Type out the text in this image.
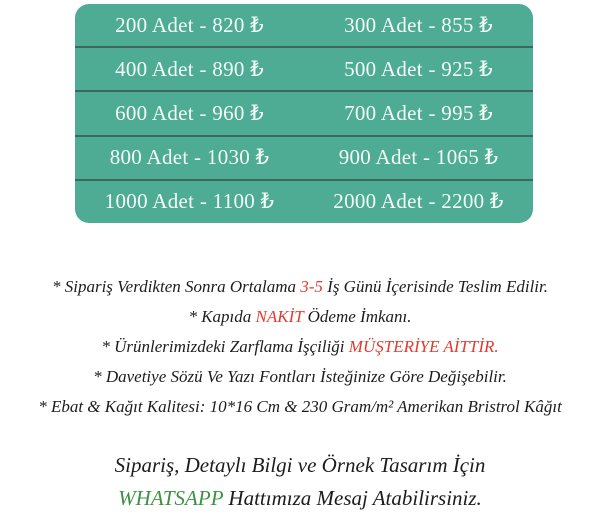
200 Adet - 820 ₺	300 Adet - 855 ₺
400 Adet - 890 ₺	500 Adet - 925 ₺
600 Adet - 960 ₺	700 Adet - 995 ₺
800 Adet - 1030 ₺	900 Adet - 1065 ₺
1000 Adet - 1100 ₺	2000 Adet - 2200 ₺

* Sipariş Verdikten Sonra Ortalama 3-5 İş Günü İçerisinde Teslim Edilir.

* Kapıda NAKİT Ödeme İmkanı.

* Ürünlerimizdeki Zarflama İşçiliği MÜŞTERİYE AİTTİR.

* Davetiye Sözü Ve Yazı Fontları İsteğinize Göre Değişebilir.

* Ebat & Kağıt Kalitesi: 10*16 Cm & 230 Gram/m² Amerikan Bristrol Kâğıt

Sipariş, Detaylı Bilgi ve Örnek Tasarım İçin

WHATSAPP Hattımıza Mesaj Atabilirsiniz.
